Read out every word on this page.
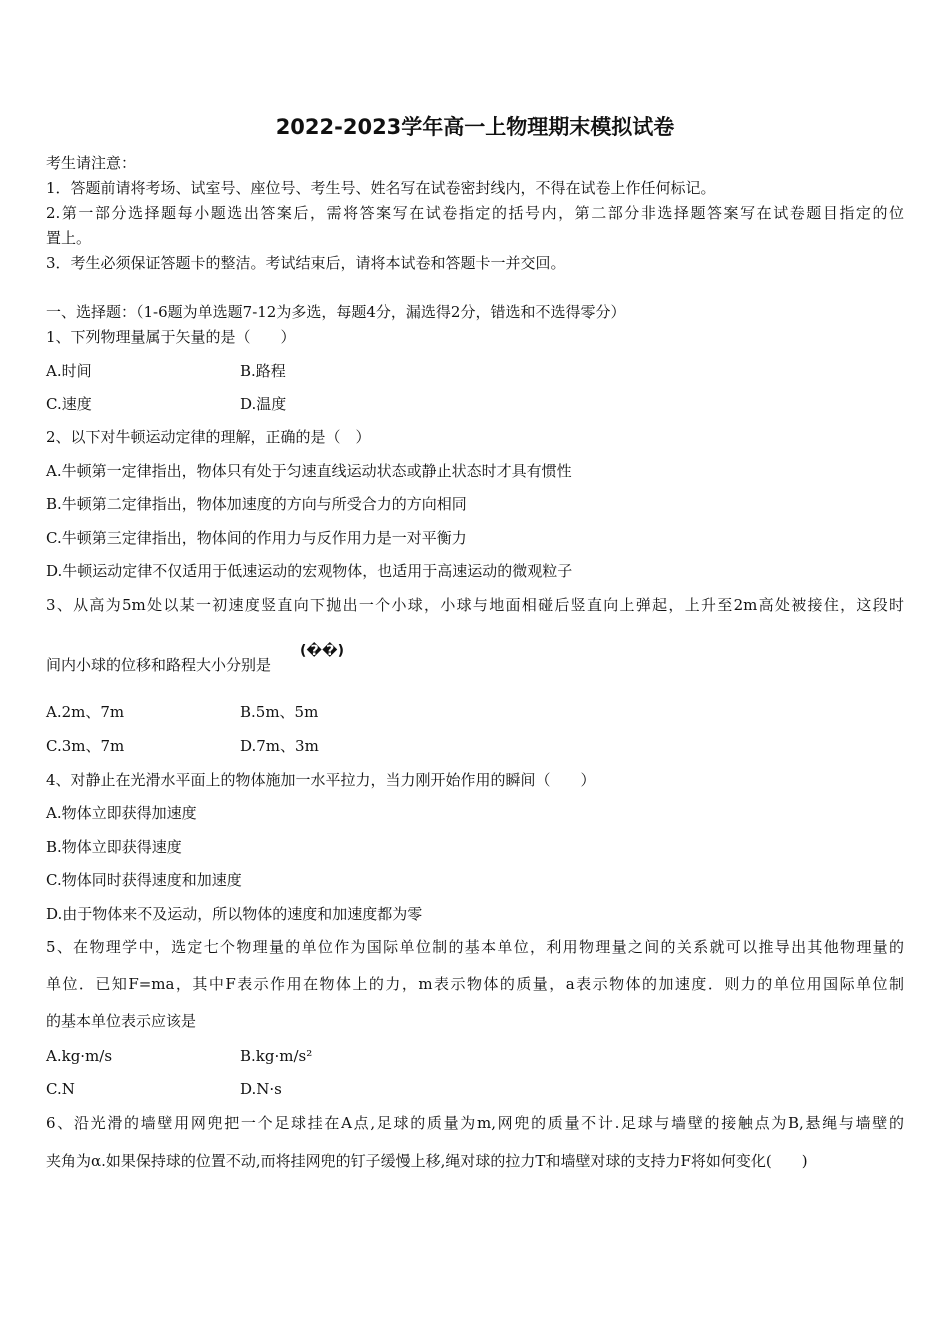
2022-2023学年高一上物理期末模拟试卷
考生请注意：
1．答题前请将考场、试室号、座位号、考生号、姓名写在试卷密封线内，不得在试卷上作任何标记。
2.第一部分选择题每小题选出答案后，需将答案写在试卷指定的括号内，第二部分非选择题答案写在试卷题目指定的位
置上。
3．考生必须保证答题卡的整洁。考试结束后，请将本试卷和答题卡一并交回。
一、选择题：（1-6题为单选题7-12为多选，每题4分，漏选得2分，错选和不选得零分）
1、下列物理量属于矢量的是（　　）
A.时间	B.路程
C.速度	D.温度
2、以下对牛顿运动定律的理解，正确的是（　）
A.牛顿第一定律指出，物体只有处于匀速直线运动状态或静止状态时才具有惯性
B.牛顿第二定律指出，物体加速度的方向与所受合力的方向相同
C.牛顿第三定律指出，物体间的作用力与反作用力是一对平衡力
D.牛顿运动定律不仅适用于低速运动的宏观物体，也适用于高速运动的微观粒子
3、从高为5m处以某一初速度竖直向下抛出一个小球，小球与地面相碰后竖直向上弹起，上升至2m高处被接住，这段时
间内小球的位移和路程大小分别是
(��)
A.2m、7m	B.5m、5m
C.3m、7m	D.7m、3m
4、对静止在光滑水平面上的物体施加一水平拉力，当力刚开始作用的瞬间（　　）
A.物体立即获得加速度
B.物体立即获得速度
C.物体同时获得速度和加速度
D.由于物体来不及运动，所以物体的速度和加速度都为零
5、在物理学中，选定七个物理量的单位作为国际单位制的基本单位，利用物理量之间的关系就可以推导出其他物理量的
单位．已知F=ma，其中F表示作用在物体上的力，m表示物体的质量，a表示物体的加速度．则力的单位用国际单位制
的基本单位表示应该是
A.kg·m/s	B.kg·m/s²
C.N	D.N·s
6、沿光滑的墙壁用网兜把一个足球挂在A点,足球的质量为m,网兜的质量不计.足球与墙壁的接触点为B,悬绳与墙壁的
夹角为α.如果保持球的位置不动,而将挂网兜的钉子缓慢上移,绳对球的拉力T和墙壁对球的支持力F将如何变化(　　)
